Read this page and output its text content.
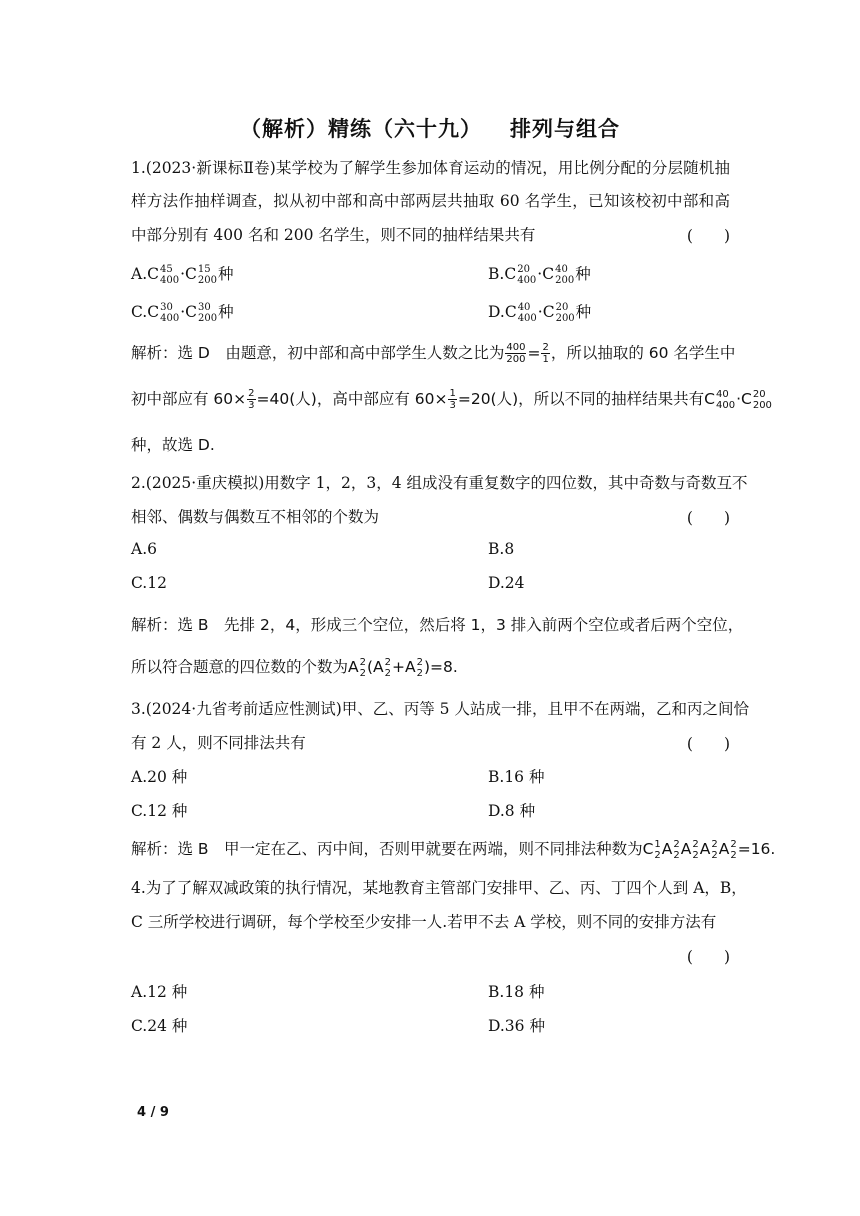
（解析）精练（六十九） 排列与组合
1.(2023·新课标Ⅱ卷)某学校为了解学生参加体育运动的情况，用比例分配的分层随机抽
样方法作抽样调查，拟从初中部和高中部两层共抽取 60 名学生，已知该校初中部和高
中部分别有 400 名和 200 名学生，则不同的抽样结果共有	(　　)
A.C 45
400 ·C 15
200 种	B.C 20
400 ·C 40
200 种
C.C 30
400 ·C 30
200 种	D.C 40
400 ·C 20
200 种
解析：选 D　由题意，初中部和高中部学生人数之比为 $\frac{400}{200} = \frac{2}{1}$ ，所以抽取的 60 名学生中
初中部应有 $60\times \frac{2}{3} =40$(人)，高中部应有 $60\times \frac{1}{3} =20$(人)，所以不同的抽样结果共有C 40
400 ·C 20
200
种，故选 D.
2.(2025·重庆模拟)用数字 1，2，3，4 组成没有重复数字的四位数，其中奇数与奇数互不
相邻、偶数与偶数互不相邻的个数为	(　　)
A.6	B.8
C.12	D.24
解析：选 B　先排 2，4，形成三个空位，然后将 1，3 排入前两个空位或者后两个空位，
所以符合题意的四位数的个数为A 2
2 (A 2
2 +A 2
2 )=8.
3.(2024·九省考前适应性测试)甲、乙、丙等 5 人站成一排，且甲不在两端，乙和丙之间恰
有 2 人，则不同排法共有	(　　)
A.20 种	B.16 种
C.12 种	D.8 种
解析：选 B　甲一定在乙、丙中间，否则甲就要在两端，则不同排法种数为C 1
2 A 2
2 A 2
2 A 2
2 A 2
2 =16.
4.为了了解双减政策的执行情况，某地教育主管部门安排甲、乙、丙、丁四个人到 A，B，
C 三所学校进行调研，每个学校至少安排一人.若甲不去 A 学校，则不同的安排方法有
(　　)
A.12 种	B.18 种
C.24 种	D.36 种
4 / 9
